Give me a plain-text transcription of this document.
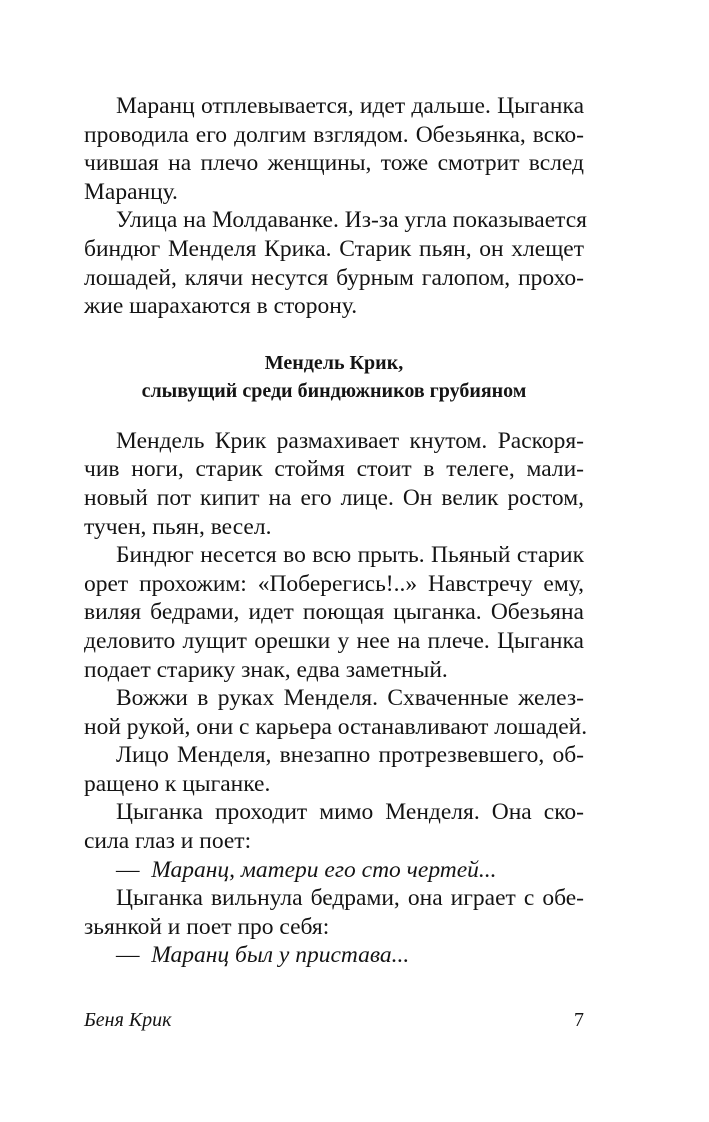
Маранц отплевывается, идет дальше. Цыганка
проводила его долгим взглядом. Обезьянка, вско-
чившая на плечо женщины, тоже смотрит вслед
Маранцу.
Улица на Молдаванке. Из-за угла показывается
биндюг Менделя Крика. Старик пьян, он хлещет
лошадей, клячи несутся бурным галопом, прохо-
жие шарахаются в сторону.
Мендель Крик,
слывущий среди биндюжников грубияном
Мендель Крик размахивает кнутом. Раскоря-
чив ноги, старик стоймя стоит в телеге, мали-
новый пот кипит на его лице. Он велик ростом,
тучен, пьян, весел.
Биндюг несется во всю прыть. Пьяный старик
орет прохожим: «Поберегись!..» Навстречу ему,
виляя бедрами, идет поющая цыганка. Обезьяна
деловито лущит орешки у нее на плече. Цыганка
подает старику знак, едва заметный.
Вожжи в руках Менделя. Схваченные желез-
ной рукой, они с карьера останавливают лошадей.
Лицо Менделя, внезапно протрезвевшего, об-
ращено к цыганке.
Цыганка проходит мимо Менделя. Она ско-
сила глаз и поет:
— Маранц, матери его сто чертей...
Цыганка вильнула бедрами, она играет с обе-
зьянкой и поет про себя:
— Маранц был у пристава...
Беня Крик	7
